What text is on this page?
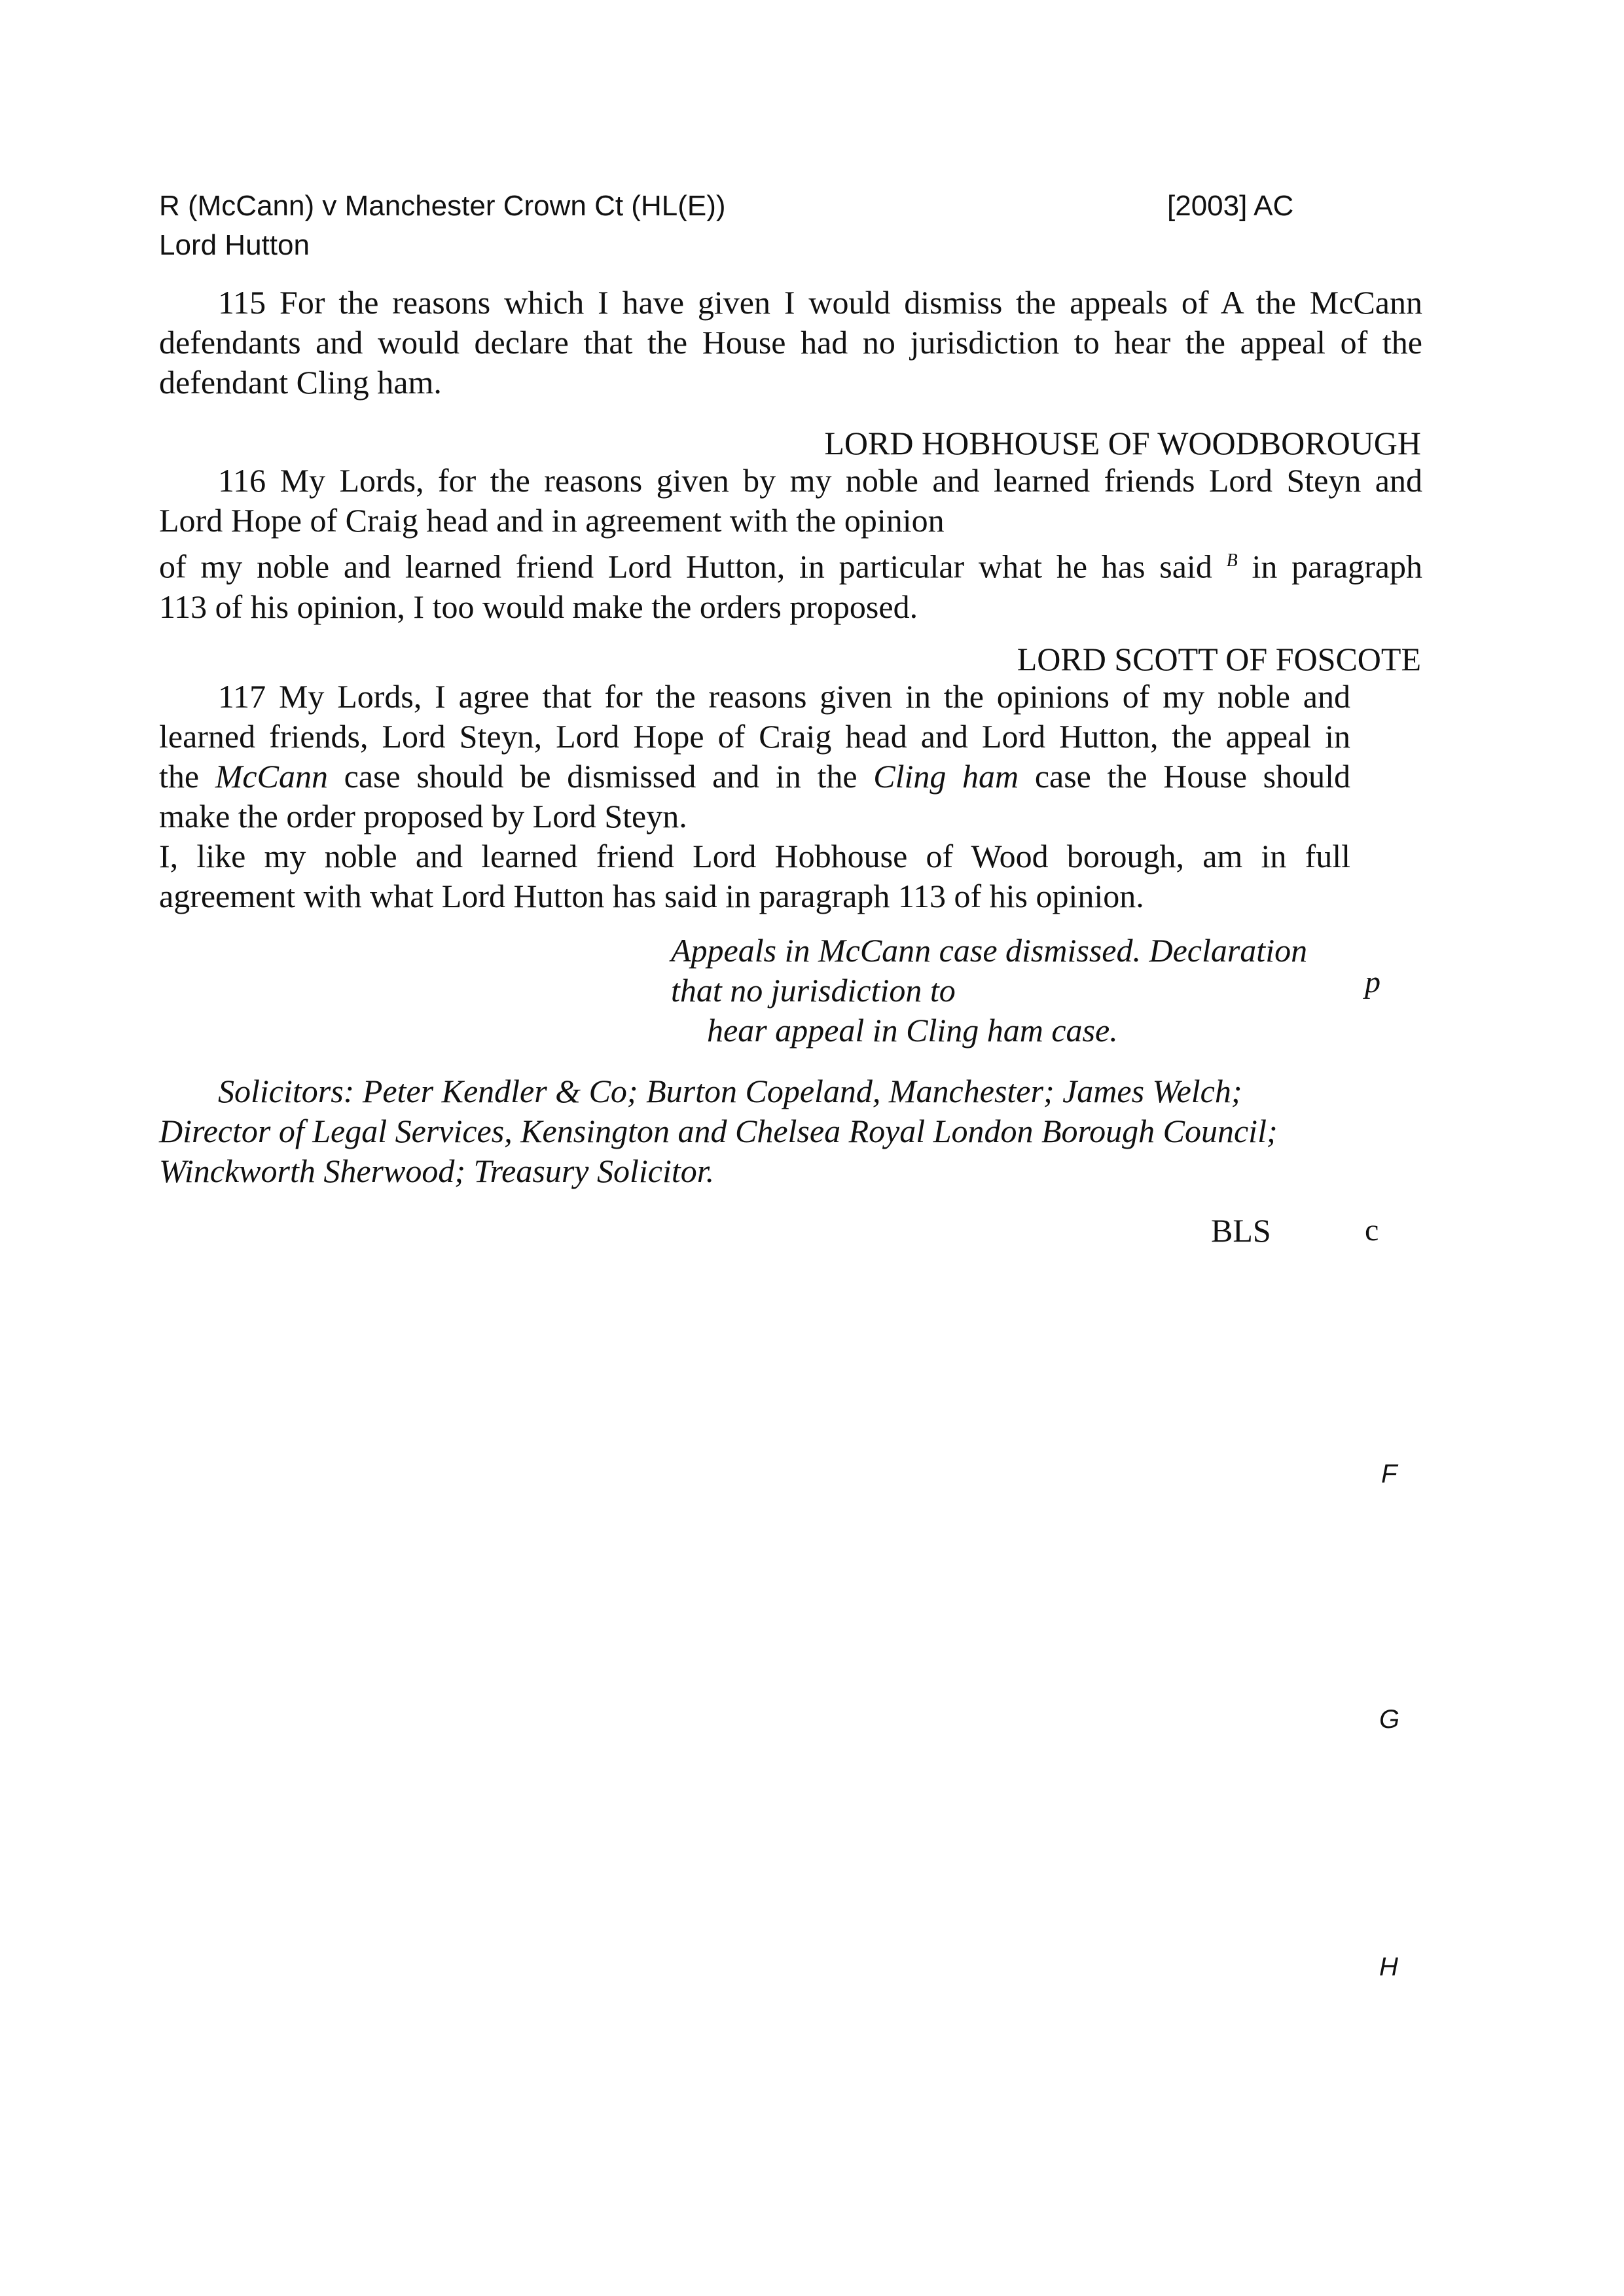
R (McCann) v Manchester Crown Ct (HL(E))
Lord Hutton
[2003] AC
115 For the reasons which I have given I would dismiss the appeals of A the McCann
defendants and would declare that the House had no jurisdiction to hear the appeal of the
defendant Cling ham.
LORD HOBHOUSE OF WOODBOROUGH
116 My Lords, for the reasons given by my noble and learned friends Lord Steyn and
Lord Hope of Craig head and in agreement with the opinion
of my noble and learned friend Lord Hutton, in particular what he has said $^B$ in paragraph
113 of his opinion, I too would make the orders proposed.
LORD SCOTT OF FOSCOTE
117 My Lords, I agree that for the reasons given in the opinions of my noble and
learned friends, Lord Steyn, Lord Hope of Craig head and Lord Hutton, the appeal in
the McCann case should be dismissed and in the Cling ham case the House should
make the order proposed by Lord Steyn.
I, like my noble and learned friend Lord Hobhouse of Wood borough, am in full
agreement with what Lord Hutton has said in paragraph 113 of his opinion.
Appeals in McCann case dismissed. Declaration
that no jurisdiction to
hear appeal in Cling ham case.
Solicitors: Peter Kendler & Co; Burton Copeland, Manchester; James Welch;
Director of Legal Services, Kensington and Chelsea Royal London Borough Council;
Winckworth Sherwood; Treasury Solicitor.
BLS
p
c
F
G
H
